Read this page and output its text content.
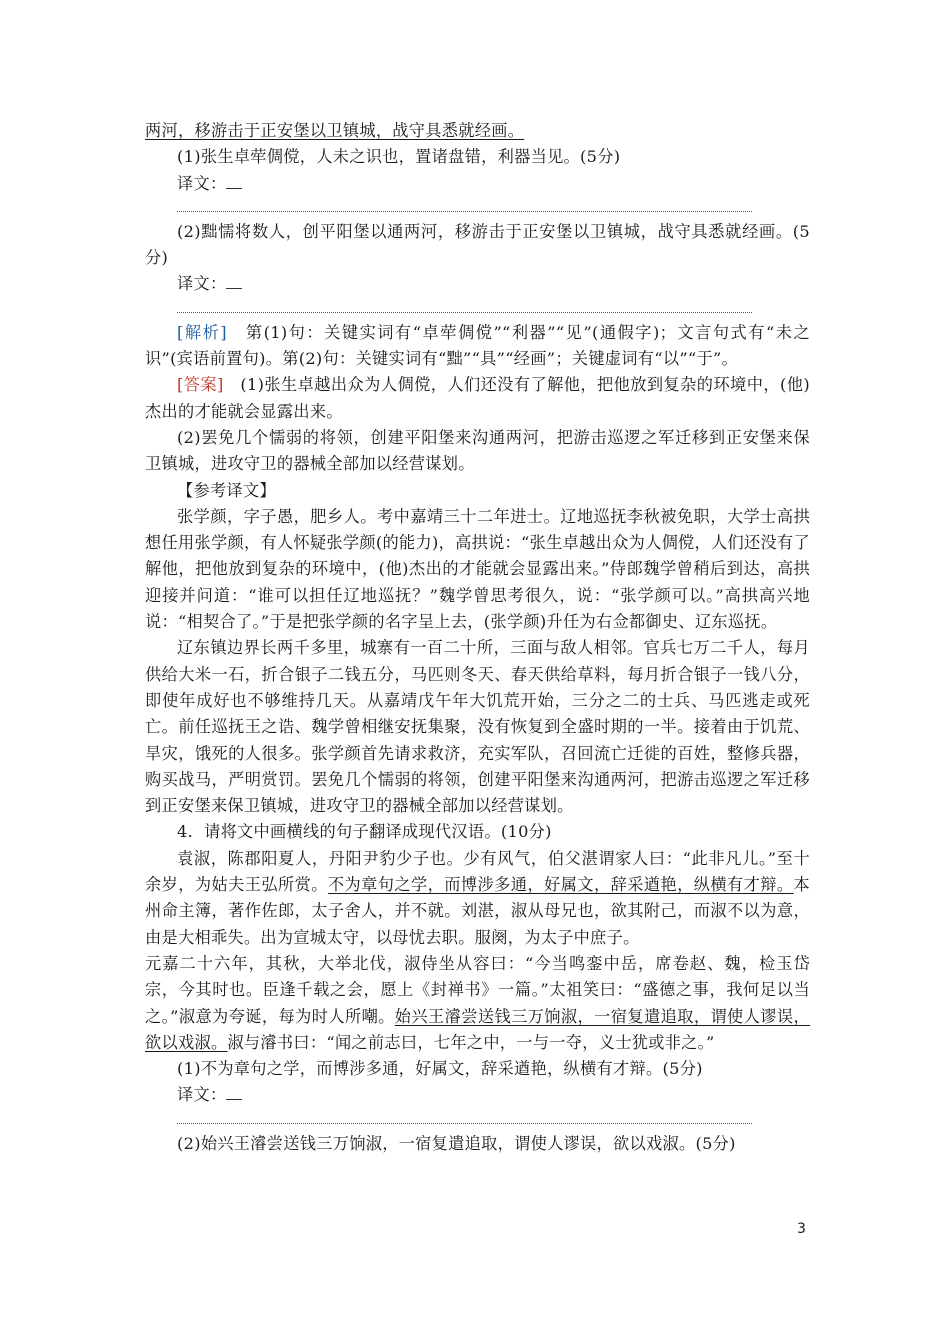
两河，移游击于正安堡以卫镇城，战守具悉就经画。

(1)张生卓荦倜傥，人未之识也，置诸盘错，利器当见。(5分)

译文：

(2)黜懦将数人，创平阳堡以通两河，移游击于正安堡以卫镇城，战守具悉就经画。(5分)

译文：

[解析]　 第(1)句：关键实词有“卓荦倜傥”“利器”“见”(通假字)；文言句式有“未之识”(宾语前置句)。第(2)句：关键实词有“黜”“具”“经画”；关键虚词有“以”“于”。

[答案]　 (1)张生卓越出众为人倜傥，人们还没有了解他，把他放到复杂的环境中，(他)杰出的才能就会显露出来。

(2)罢免几个懦弱的将领，创建平阳堡来沟通两河，把游击巡逻之军迁移到正安堡来保卫镇城，进攻守卫的器械全部加以经营谋划。

【参考译文】

张学颜，字子愚，肥乡人。考中嘉靖三十二年进士。辽地巡抚李秋被免职，大学士高拱想任用张学颜，有人怀疑张学颜(的能力)，高拱说：“张生卓越出众为人倜傥，人们还没有了解他，把他放到复杂的环境中，(他)杰出的才能就会显露出来。”侍郎魏学曾稍后到达，高拱迎接并问道：“谁可以担任辽地巡抚？”魏学曾思考很久，说：“张学颜可以。”高拱高兴地说：“相契合了。”于是把张学颜的名字呈上去，(张学颜)升任为右佥都御史、辽东巡抚。

辽东镇边界长两千多里，城寨有一百二十所，三面与敌人相邻。官兵七万二千人，每月供给大米一石，折合银子二钱五分，马匹则冬天、春天供给草料，每月折合银子一钱八分，即使年成好也不够维持几天。从嘉靖戊午年大饥荒开始，三分之二的士兵、马匹逃走或死亡。前任巡抚王之诰、魏学曾相继安抚集聚，没有恢复到全盛时期的一半。接着由于饥荒、旱灾，饿死的人很多。张学颜首先请求救济，充实军队，召回流亡迁徙的百姓，整修兵器，购买战马，严明赏罚。罢免几个懦弱的将领，创建平阳堡来沟通两河，把游击巡逻之军迁移到正安堡来保卫镇城，进攻守卫的器械全部加以经营谋划。

4．请将文中画横线的句子翻译成现代汉语。(10分)

袁淑，陈郡阳夏人，丹阳尹豹少子也。少有风气，伯父湛谓家人曰：“此非凡儿。”至十余岁，为姑夫王弘所赏。不为章句之学，而博涉多通，好属文，辞采遒艳，纵横有才辩。本州命主簿，著作佐郎，太子舍人，并不就。刘湛，淑从母兄也，欲其附己，而淑不以为意，由是大相乖失。出为宣城太守，以母忧去职。服阕，为太子中庶子。

元嘉二十六年，其秋，大举北伐，淑侍坐从容曰：“今当鸣銮中岳，席卷赵、魏，检玉岱宗，今其时也。臣逢千载之会，愿上《封禅书》一篇。”太祖笑曰：“盛德之事，我何足以当之。”淑意为夸诞，每为时人所嘲。始兴王濬尝送钱三万饷淑，一宿复遣追取，谓使人谬误，欲以戏淑。淑与濬书曰：“闻之前志曰，七年之中，一与一夺，义士犹或非之。”

(1)不为章句之学，而博涉多通，好属文，辞采遒艳，纵横有才辩。(5分)

译文：

(2)始兴王濬尝送钱三万饷淑，一宿复遣追取，谓使人谬误，欲以戏淑。(5分)

3
